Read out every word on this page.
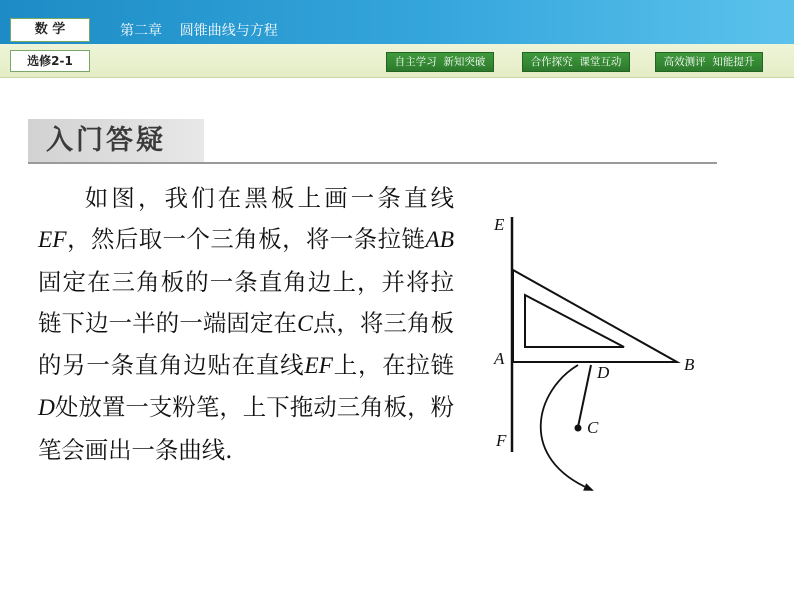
数 学	第二章    圆锥曲线与方程
选修2-1	自主学习  新知突破	合作探究  课堂互动	高效测评  知能提升
入门答疑
如图，我们在黑板上画一条直线EF，然后取一个三角板，将一条拉链AB固定在三角板的一条直角边上，并将拉链下边一半的一端固定在C点，将三角板的另一条直角边贴在直线EF上，在拉链D处放置一支粉笔，上下拖动三角板，粉笔会画出一条曲线.
E
A
F
B
D
C
